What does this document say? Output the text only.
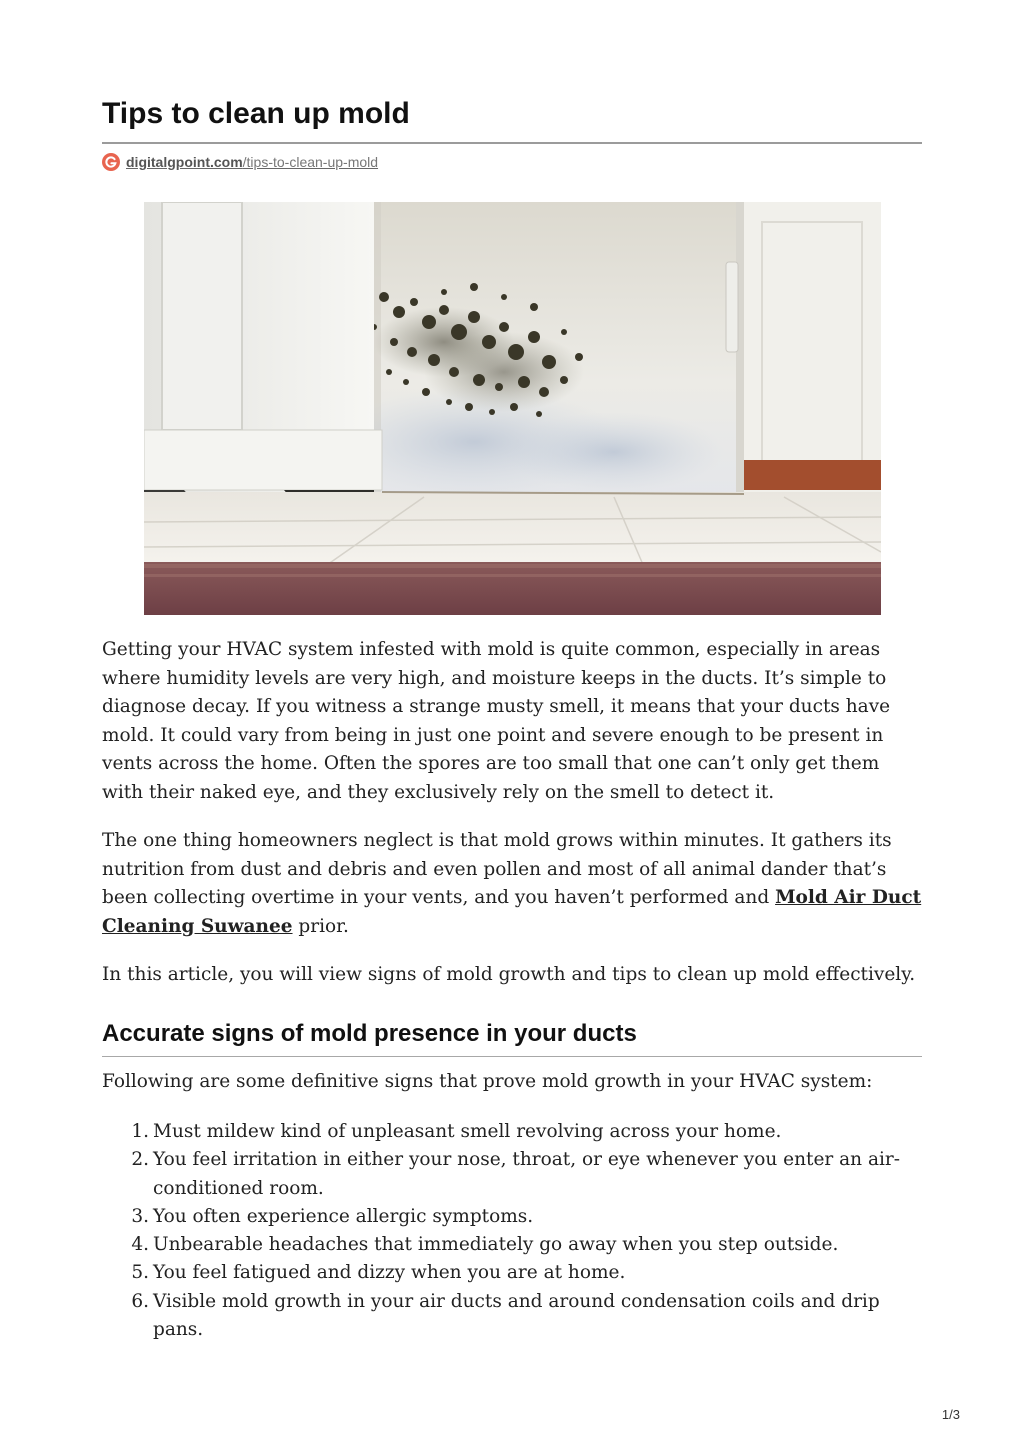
Tips to clean up mold
digitalgpoint.com/tips-to-clean-up-mold

Getting your HVAC system infested with mold is quite common, especially in areas where humidity levels are very high, and moisture keeps in the ducts. It’s simple to diagnose decay. If you witness a strange musty smell, it means that your ducts have mold. It could vary from being in just one point and severe enough to be present in vents across the home. Often the spores are too small that one can’t only get them with their naked eye, and they exclusively rely on the smell to detect it.

The one thing homeowners neglect is that mold grows within minutes. It gathers its nutrition from dust and debris and even pollen and most of all animal dander that’s been collecting overtime in your vents, and you haven’t performed and Mold Air Duct Cleaning Suwanee prior.

In this article, you will view signs of mold growth and tips to clean up mold effectively.

Accurate signs of mold presence in your ducts

Following are some definitive signs that prove mold growth in your HVAC system:

1. Must mildew kind of unpleasant smell revolving across your home.
2. You feel irritation in either your nose, throat, or eye whenever you enter an air-conditioned room.
3. You often experience allergic symptoms.
4. Unbearable headaches that immediately go away when you step outside.
5. You feel fatigued and dizzy when you are at home.
6. Visible mold growth in your air ducts and around condensation coils and drip pans.
1/3
